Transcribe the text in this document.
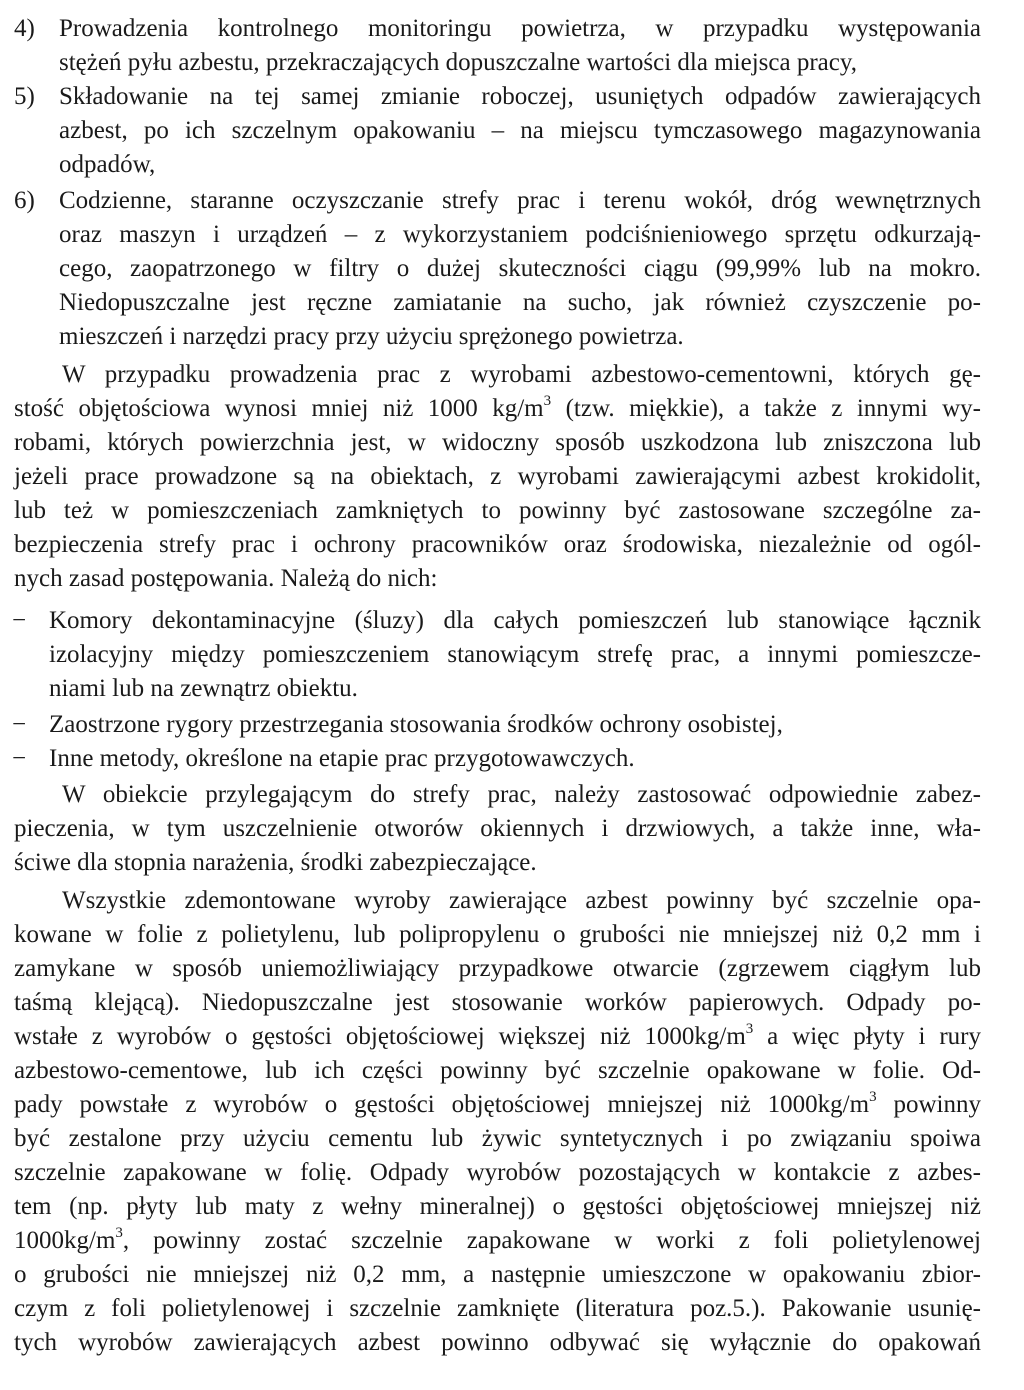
4) Prowadzenia kontrolnego monitoringu powietrza, w przypadku występowania
stężeń pyłu azbestu, przekraczających dopuszczalne wartości dla miejsca pracy,
5) Składowanie na tej samej zmianie roboczej, usuniętych odpadów zawierających
azbest, po ich szczelnym opakowaniu – na miejscu tymczasowego magazynowania
odpadów,
6) Codzienne, staranne oczyszczanie strefy prac i terenu wokół, dróg wewnętrznych
oraz maszyn i urządzeń – z wykorzystaniem podciśnieniowego sprzętu odkurzają-
cego, zaopatrzonego w filtry o dużej skuteczności ciągu (99,99% lub na mokro.
Niedopuszczalne jest ręczne zamiatanie na sucho, jak również czyszczenie po-
mieszczeń i narzędzi pracy przy użyciu sprężonego powietrza.
W przypadku prowadzenia prac z wyrobami azbestowo-cementowni, których gę-
stość objętościowa wynosi mniej niż 1000 $kg/m^3$ (tzw. miękkie), a także z innymi wy-
robami, których powierzchnia jest, w widoczny sposób uszkodzona lub zniszczona lub
jeżeli prace prowadzone są na obiektach, z wyrobami zawierającymi azbest krokidolit,
lub też w pomieszczeniach zamkniętych to powinny być zastosowane szczególne za-
bezpieczenia strefy prac i ochrony pracowników oraz środowiska, niezależnie od ogól-
nych zasad postępowania. Należą do nich:
− Komory dekontaminacyjne (śluzy) dla całych pomieszczeń lub stanowiące łącznik
izolacyjny między pomieszczeniem stanowiącym strefę prac, a innymi pomieszcze-
niami lub na zewnątrz obiektu.
− Zaostrzone rygory przestrzegania stosowania środków ochrony osobistej,
− Inne metody, określone na etapie prac przygotowawczych.
W obiekcie przylegającym do strefy prac, należy zastosować odpowiednie zabez-
pieczenia, w tym uszczelnienie otworów okiennych i drzwiowych, a także inne, wła-
ściwe dla stopnia narażenia, środki zabezpieczające.
Wszystkie zdemontowane wyroby zawierające azbest powinny być szczelnie opa-
kowane w folie z polietylenu, lub polipropylenu o grubości nie mniejszej niż 0,2 mm i
zamykane w sposób uniemożliwiający przypadkowe otwarcie (zgrzewem ciągłym lub
taśmą klejącą). Niedopuszczalne jest stosowanie worków papierowych. Odpady po-
wstałe z wyrobów o gęstości objętościowej większej niż $1000kg/m^3$ a więc płyty i rury
azbestowo-cementowe, lub ich części powinny być szczelnie opakowane w folie. Od-
pady powstałe z wyrobów o gęstości objętościowej mniejszej niż $1000kg/m^3$ powinny
być zestalone przy użyciu cementu lub żywic syntetycznych i po związaniu spoiwa
szczelnie zapakowane w folię. Odpady wyrobów pozostających w kontakcie z azbes-
tem (np. płyty lub maty z wełny mineralnej) o gęstości objętościowej mniejszej niż
$1000kg/m^3$, powinny zostać szczelnie zapakowane w worki z foli polietylenowej
o grubości nie mniejszej niż 0,2 mm, a następnie umieszczone w opakowaniu zbior-
czym z foli polietylenowej i szczelnie zamknięte (literatura poz.5.). Pakowanie usunię-
tych wyrobów zawierających azbest powinno odbywać się wyłącznie do opakowań
